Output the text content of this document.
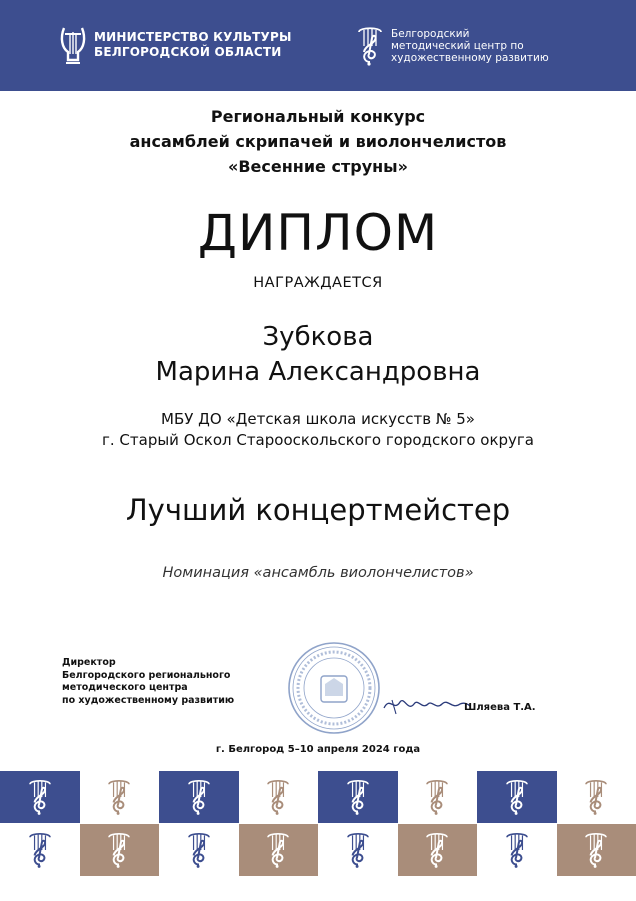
МИНИСТЕРСТВО КУЛЬТУРЫ
БЕЛГОРОДСКОЙ ОБЛАСТИ
Белгородский
методический центр по
художественному развитию
Региональный конкурс
ансамблей скрипачей и виолончелистов
«Весенние струны»
ДИПЛОМ
НАГРАЖДАЕТСЯ
Зубкова
Марина Александровна
МБУ ДО «Детская школа искусств № 5»
г. Старый Оскол Старооскольского городского округа
Лучший концертмейстер
Номинация «ансамбль виолончелистов»
Директор
Белгородского регионального
методического центра
по художественному развитию
Шляева Т.А.
г. Белгород 5–10 апреля 2024 года
